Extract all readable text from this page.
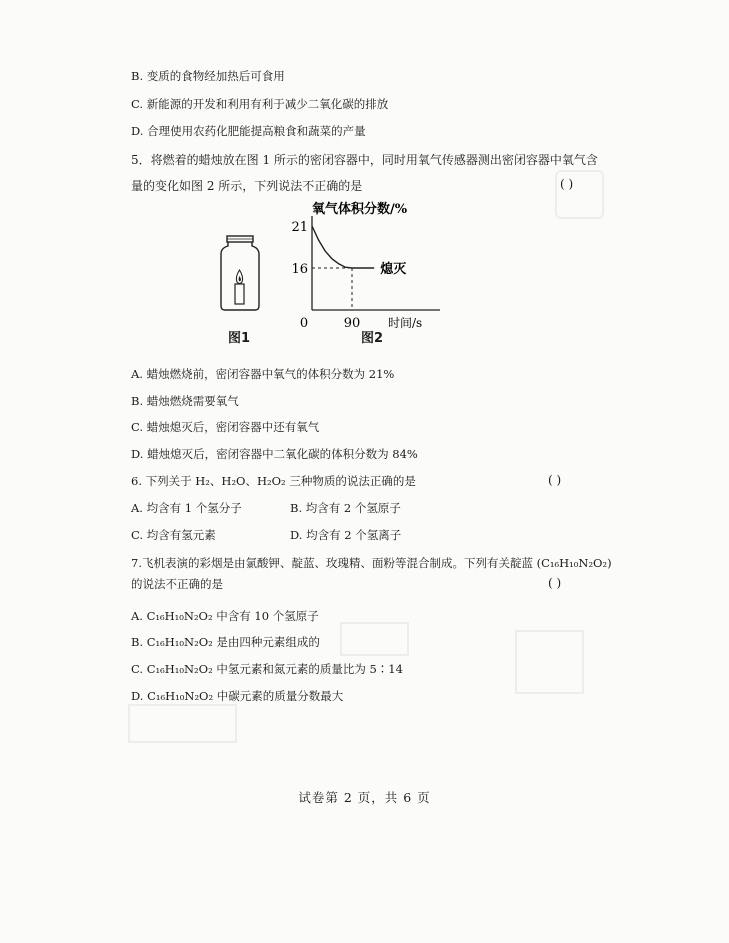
B. 变质的食物经加热后可食用
C. 新能源的开发和利用有利于减少二氧化碳的排放
D. 合理使用农药化肥能提高粮食和蔬菜的产量
5．将燃着的蜡烛放在图 1 所示的密闭容器中，同时用氧气传感器测出密闭容器中氧气含
量的变化如图 2 所示，下列说法不正确的是	( )
图1
氧气体积分数/%
21
16
0	90
熄灭
时间/s
图2
A. 蜡烛燃烧前，密闭容器中氧气的体积分数为 21%
B. 蜡烛燃烧需要氧气
C. 蜡烛熄灭后，密闭容器中还有氧气
D. 蜡烛熄灭后，密闭容器中二氧化碳的体积分数为 84%
6. 下列关于 H₂、H₂O、H₂O₂ 三种物质的说法正确的是	( )
A. 均含有 1 个氢分子	B. 均含有 2 个氢原子
C. 均含有氢元素	D. 均含有 2 个氢离子
7.飞机表演的彩烟是由氯酸钾、靛蓝、玫瑰精、面粉等混合制成。下列有关靛蓝 (C₁₆H₁₀N₂O₂)
的说法不正确的是	( )
A. C₁₆H₁₀N₂O₂ 中含有 10 个氢原子
B. C₁₆H₁₀N₂O₂ 是由四种元素组成的
C. C₁₆H₁₀N₂O₂ 中氢元素和氮元素的质量比为 5∶14
D. C₁₆H₁₀N₂O₂ 中碳元素的质量分数最大
试卷第 2 页，共 6 页
